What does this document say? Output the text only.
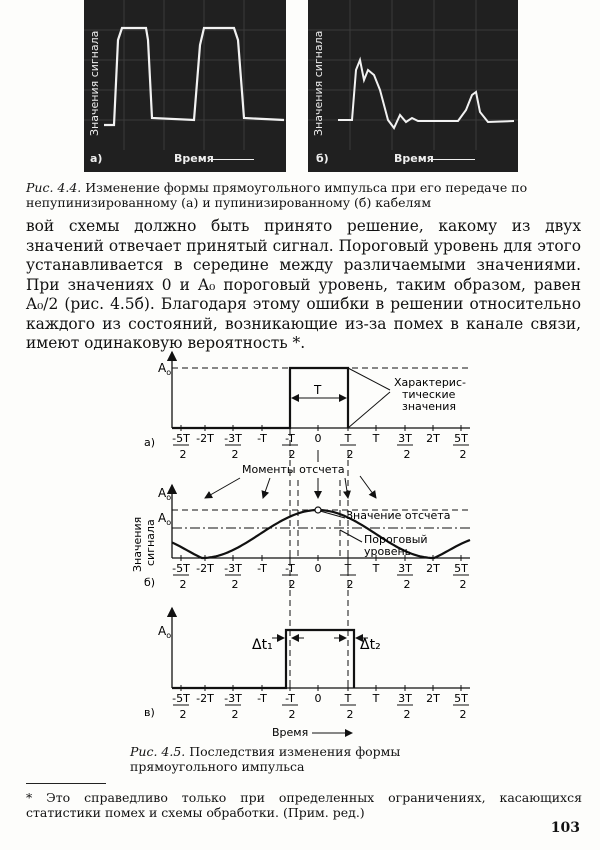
Значения сигнала
а)	Время
Значения сигнала
б)	Время
Рис. 4.4. Изменение формы прямоугольного импульса при его передаче по непупинизированному (а) и пупинизированному (б) кабелям

вой схемы должно быть принято решение, какому из двух значений отвечает принятый сигнал. Пороговый уровень для этого устанавливается в середине между различаемыми значениями. При значениях 0 и A₀ пороговый уровень, таким образом, равен A₀/2 (рис. 4.5б). Благодаря этому ошибки в решении относительно каждого из состояний, возникающие из-за помех в канале связи, имеют одинаковую вероятность *.

T
$A_o$
Характерис-
тические
значения
а) -5T
2
-2T -3T
2
-T -T
2
0 T
2
T 3T
2
2T 5T
2
Моменты отсчета
$A_o$
$A_o$
Значение отсчета
Пороговый
уровень
Значения сигнала
б)
-5T
2
-2T -3T
2
-T -T
2
0 T
2
T 3T
2
2T 5T
2
$A_o$
Δt₁	Δt₂
в)
Время
-5T
2
-2T -3T
2
-T -T
2
0 T
2
T 3T
2
2T 5T
2
Рис. 4.5. Последствия изменения формы прямоугольного импульса
* Это справедливо только при определенных ограничениях, касающихся статистики помех и схемы обработки. (Прим. ред.)
103
